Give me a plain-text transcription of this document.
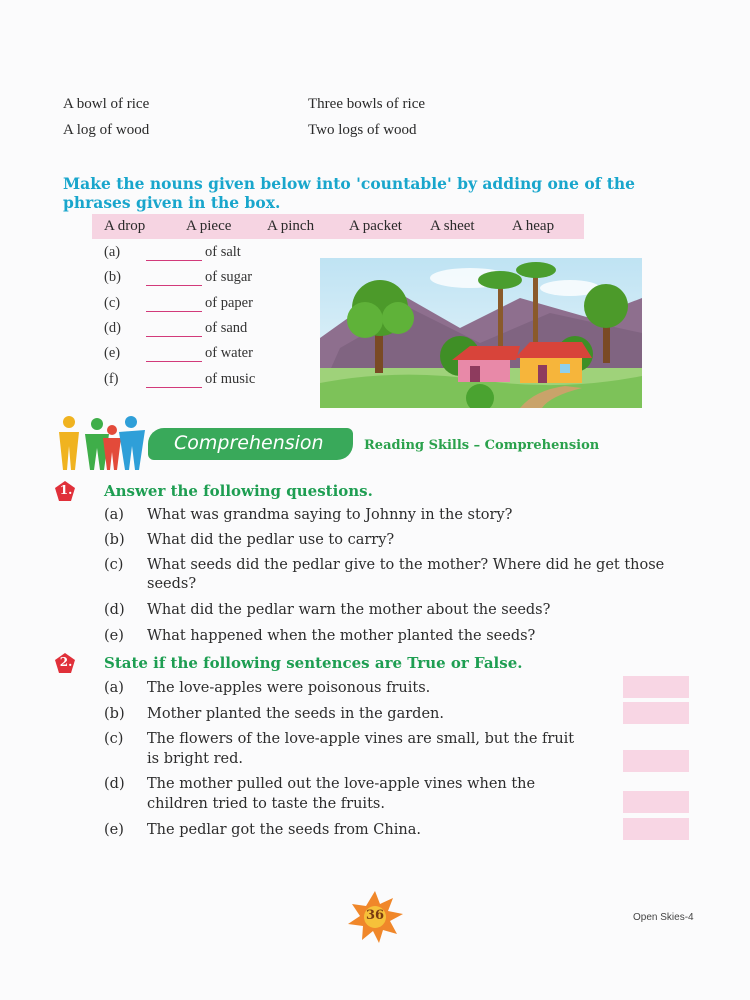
A bowl of rice	Three bowls of rice
A log of wood	Two logs of wood
Make the nouns given below into 'countable' by adding one of the phrases given in the box.
A drop	A piece A pinch A packet A sheet A heap
(a)	of salt
(b)	of sugar
(c)	of paper
(d)	of sand
(e)	of water
(f)	of music
Comprehension	Reading Skills – Comprehension
1. Answer the following questions.
(a) What was grandma saying to Johnny in the story?
(b) What did the pedlar use to carry?
(c) What seeds did the pedlar give to the mother? Where did he get those
seeds?
(d) What did the pedlar warn the mother about the seeds?
(e) What happened when the mother planted the seeds?
2. State if the following sentences are True or False.
(a) The love-apples were poisonous fruits.
(b) Mother planted the seeds in the garden.
(c) The flowers of the love-apple vines are small, but the fruit
is bright red.
(d) The mother pulled out the love-apple vines when the
children tried to taste the fruits.
(e) The pedlar got the seeds from China.
36	Open Skies-4
